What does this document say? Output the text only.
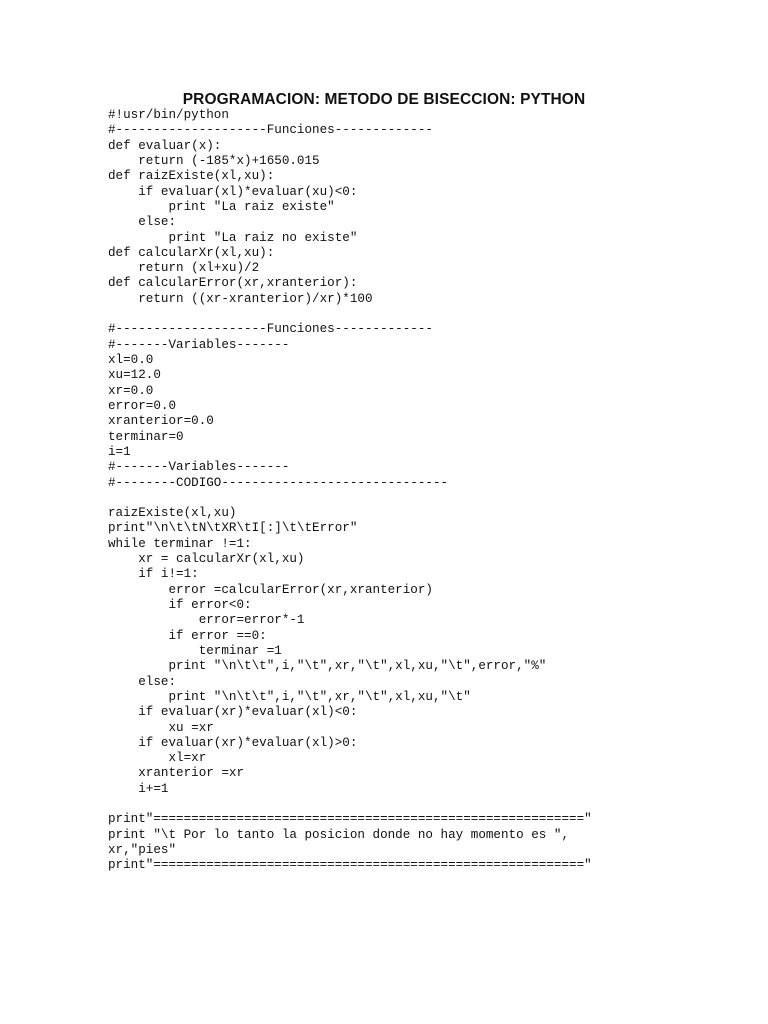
PROGRAMACION: METODO DE BISECCION: PYTHON
#!usr/bin/python
#--------------------Funciones-------------
def evaluar(x):
return (-185*x)+1650.015
def raizExiste(xl,xu):
if evaluar(xl)*evaluar(xu)<0:
print "La raiz existe"
else:
print "La raiz no existe"
def calcularXr(xl,xu):
return (xl+xu)/2
def calcularError(xr,xranterior):
return ((xr-xranterior)/xr)*100
#--------------------Funciones-------------
#-------Variables-------
xl=0.0
xu=12.0
xr=0.0
error=0.0
xranterior=0.0
terminar=0
i=1
#-------Variables-------
#--------CODIGO------------------------------
raizExiste(xl,xu)
print"\n\t\tN\tXR\tI[:]\t\tError"
while terminar !=1:
xr = calcularXr(xl,xu)
if i!=1:
error =calcularError(xr,xranterior)
if error<0:
error=error*-1
if error ==0:
terminar =1
print "\n\t\t",i,"\t",xr,"\t",xl,xu,"\t",error,"%"
else:
print "\n\t\t",i,"\t",xr,"\t",xl,xu,"\t"
if evaluar(xr)*evaluar(xl)<0:
xu =xr
if evaluar(xr)*evaluar(xl)>0:
xl=xr
xranterior =xr
i+=1
print"========================================================="
print "\t Por lo tanto la posicion donde no hay momento es ",
xr,"pies"
print"========================================================="
